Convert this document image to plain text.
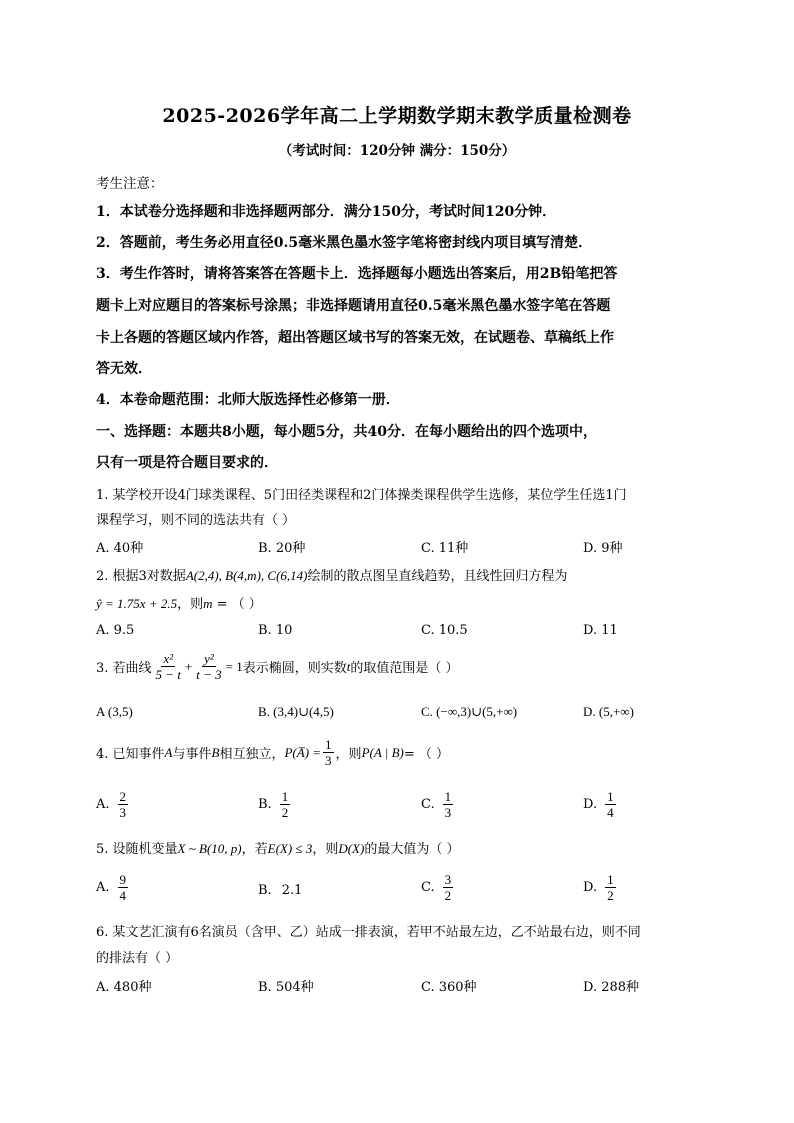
2025-2026学年高二上学期数学期末教学质量检测卷
（考试时间：120分钟 满分：150分）
考生注意：
1．本试卷分选择题和非选择题两部分．满分150分，考试时间120分钟．
2．答题前，考生务必用直径0.5毫米黑色墨水签字笔将密封线内项目填写清楚．
3．考生作答时，请将答案答在答题卡上．选择题每小题选出答案后，用2B铅笔把答
题卡上对应题目的答案标号涂黑；非选择题请用直径0.5毫米黑色墨水签字笔在答题
卡上各题的答题区域内作答，超出答题区域书写的答案无效，在试题卷、草稿纸上作
答无效．
4．本卷命题范围：北师大版选择性必修第一册．
一、选择题：本题共8小题，每小题5分，共40分．在每小题给出的四个选项中，
只有一项是符合题目要求的．
1. 某学校开设4门球类课程、5门田径类课程和2门体操类课程供学生选修，某位学生任选1门
课程学习，则不同的选法共有（ ）
A. 40种	B. 20种	C. 11种	D. 9种
2. 根据3对数据A(2,4), B(4,m), C(6,14)绘制的散点图呈直线趋势，且线性回归方程为
ŷ = 1.75x + 2.5，则m = （ ）
A. 9.5	B. 10	C. 10.5	D. 11
3. 若曲线 $\frac{\text{x²}}{5 - t} + \frac{\text{y²}}{t - 3} = 1$ 表示椭圆，则实数 t 的取值范围是（ ）
A (3,5)	B. (3,4)∪(4,5)	C. (−∞,3)∪(5,+∞)	D. (5,+∞)
4. 已知事件 A 与事件 B 相互独立， P(A̅) = $\frac{1}{3}$ ，则 P(A | B) = （ ）
A. $\frac{2}{3}$	B. $\frac{1}{2}$	C. $\frac{1}{3}$	D. $\frac{1}{4}$
5. 设随机变量X ~ B(10, p)，若E(X) ≤ 3，则D(X)的最大值为（ ）
A. $\frac{9}{4}$	B. 2.1	C. $\frac{3}{2}$	D. $\frac{1}{2}$
6. 某文艺汇演有6名演员（含甲、乙）站成一排表演，若甲不站最左边，乙不站最右边，则不同
的排法有（ ）
A. 480种	B. 504种	C. 360种	D. 288种
